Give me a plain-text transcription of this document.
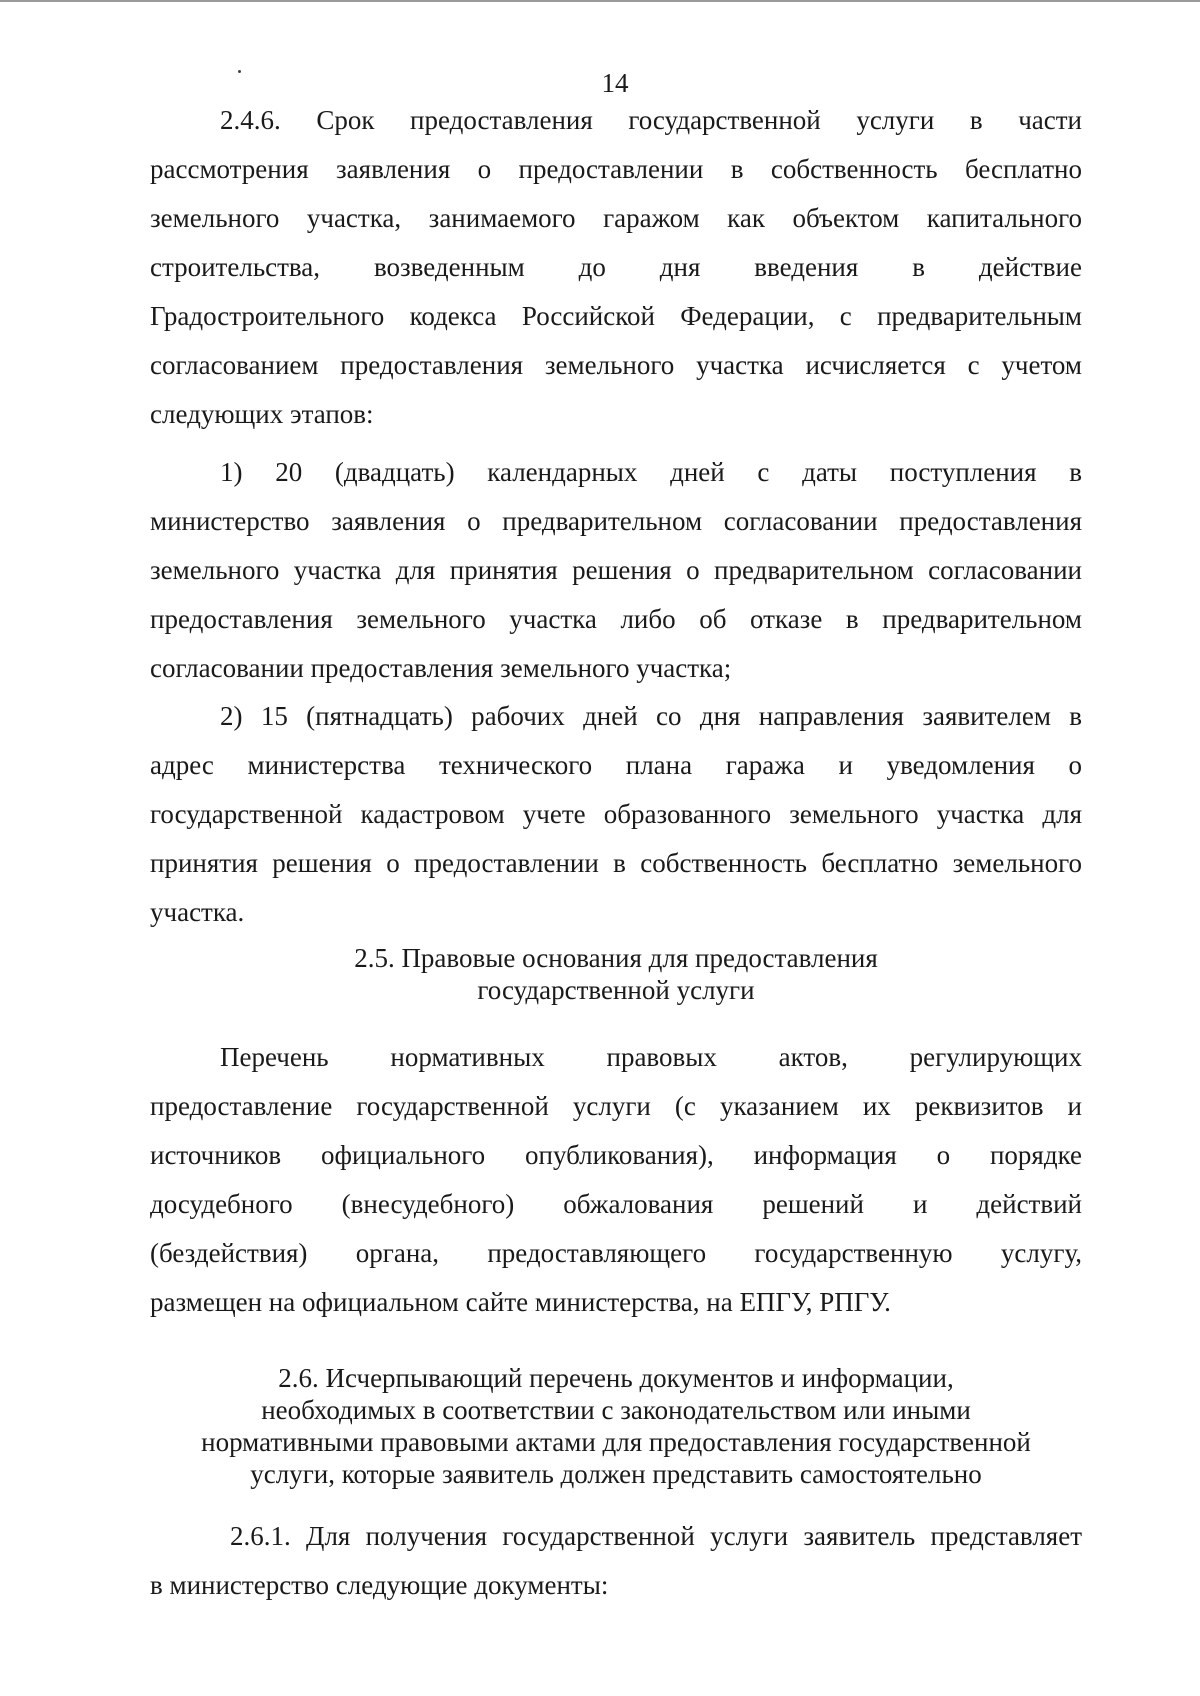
14
2.4.6. Срок предоставления государственной услуги в части
рассмотрения заявления о предоставлении в собственность бесплатно
земельного участка, занимаемого гаражом как объектом капитального
строительства, возведенным до дня введения в действие
Градостроительного кодекса Российской Федерации, с предварительным
согласованием предоставления земельного участка исчисляется с учетом
следующих этапов:
1) 20 (двадцать) календарных дней с даты поступления в
министерство заявления о предварительном согласовании предоставления
земельного участка для принятия решения о предварительном согласовании
предоставления земельного участка либо об отказе в предварительном
согласовании предоставления земельного участка;
2) 15 (пятнадцать) рабочих дней со дня направления заявителем в
адрес министерства технического плана гаража и уведомления о
государственной кадастровом учете образованного земельного участка для
принятия решения о предоставлении в собственность бесплатно земельного
участка.
2.5. Правовые основания для предоставления
государственной услуги
Перечень нормативных правовых актов, регулирующих
предоставление государственной услуги (с указанием их реквизитов и
источников официального опубликования), информация о порядке
досудебного (внесудебного) обжалования решений и действий
(бездействия) органа, предоставляющего государственную услугу,
размещен на официальном сайте министерства, на ЕПГУ, РПГУ.
2.6. Исчерпывающий перечень документов и информации,
необходимых в соответствии с законодательством или иными
нормативными правовыми актами для предоставления государственной
услуги, которые заявитель должен представить самостоятельно
2.6.1. Для получения государственной услуги заявитель представляет
в министерство следующие документы:
